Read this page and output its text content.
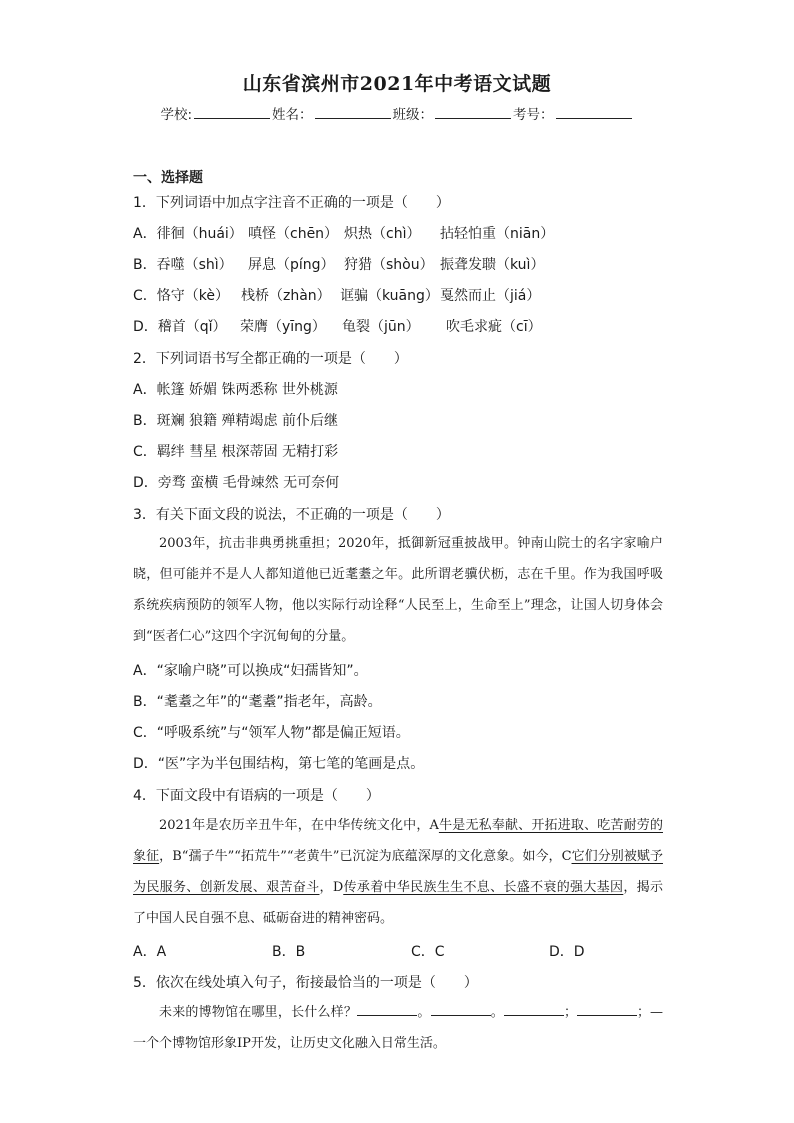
山东省滨州市2021年中考语文试题
学校:	姓名：	班级：	考号：
一、选择题
1．下列词语中加点字注音不正确的一项是（　　）
A．徘徊（huái） 嗔怪（chēn） 炽热（chì） 拈轻怕重（niān）
B．吞噬（shì） 屏息（píng） 狩猎（shòu） 振聋发聩（kuì）
C．恪守（kè） 栈桥（zhàn） 诓骗（kuāng）戛然而止（jiá）
D．稽首（qǐ） 荣膺（yīng） 龟裂（jūn） 吹毛求疵（cī）
2．下列词语书写全都正确的一项是（　　）
A．帐篷 娇媚 铢两悉称 世外桃源
B．斑斓 狼籍 殚精竭虑 前仆后继
C．羁绊 彗星 根深蒂固 无精打彩
D．旁骛 蛮横 毛骨竦然 无可奈何
3．有关下面文段的说法，不正确的一项是（　　）

2003年，抗击非典勇挑重担；2020年，抵御新冠重披战甲。钟南山院士的名字家喻户晓，但可能并不是人人都知道他已近耄耋之年。此所谓老骥伏枥，志在千里。作为我国呼吸系统疾病预防的领军人物，他以实际行动诠释“人民至上，生命至上”理念，让国人切身体会到“医者仁心”这四个字沉甸甸的分量。

A．“家喻户晓”可以换成“妇孺皆知”。
B．“耄耋之年”的“耄耋”指老年，高龄。
C．“呼吸系统”与“领军人物”都是偏正短语。
D．“医”字为半包围结构，第七笔的笔画是点。
4．下面文段中有语病的一项是（　　）

2021年是农历辛丑牛年，在中华传统文化中，A牛是无私奉献、开拓进取、吃苦耐劳的象征，B“孺子牛”“拓荒牛”“老黄牛”已沉淀为底蕴深厚的文化意象。如今，C它们分别被赋予为民服务、创新发展、艰苦奋斗，D传承着中华民族生生不息、长盛不衰的强大基因，揭示了中国人民自强不息、砥砺奋进的精神密码。

A．A	B．B	C．C	D．D
5．依次在线处填入句子，衔接最恰当的一项是（　　）

未来的博物馆在哪里，长什么样？	。	。	；	；—一个个博物馆形象IP开发，让历史文化融入日常生活。
